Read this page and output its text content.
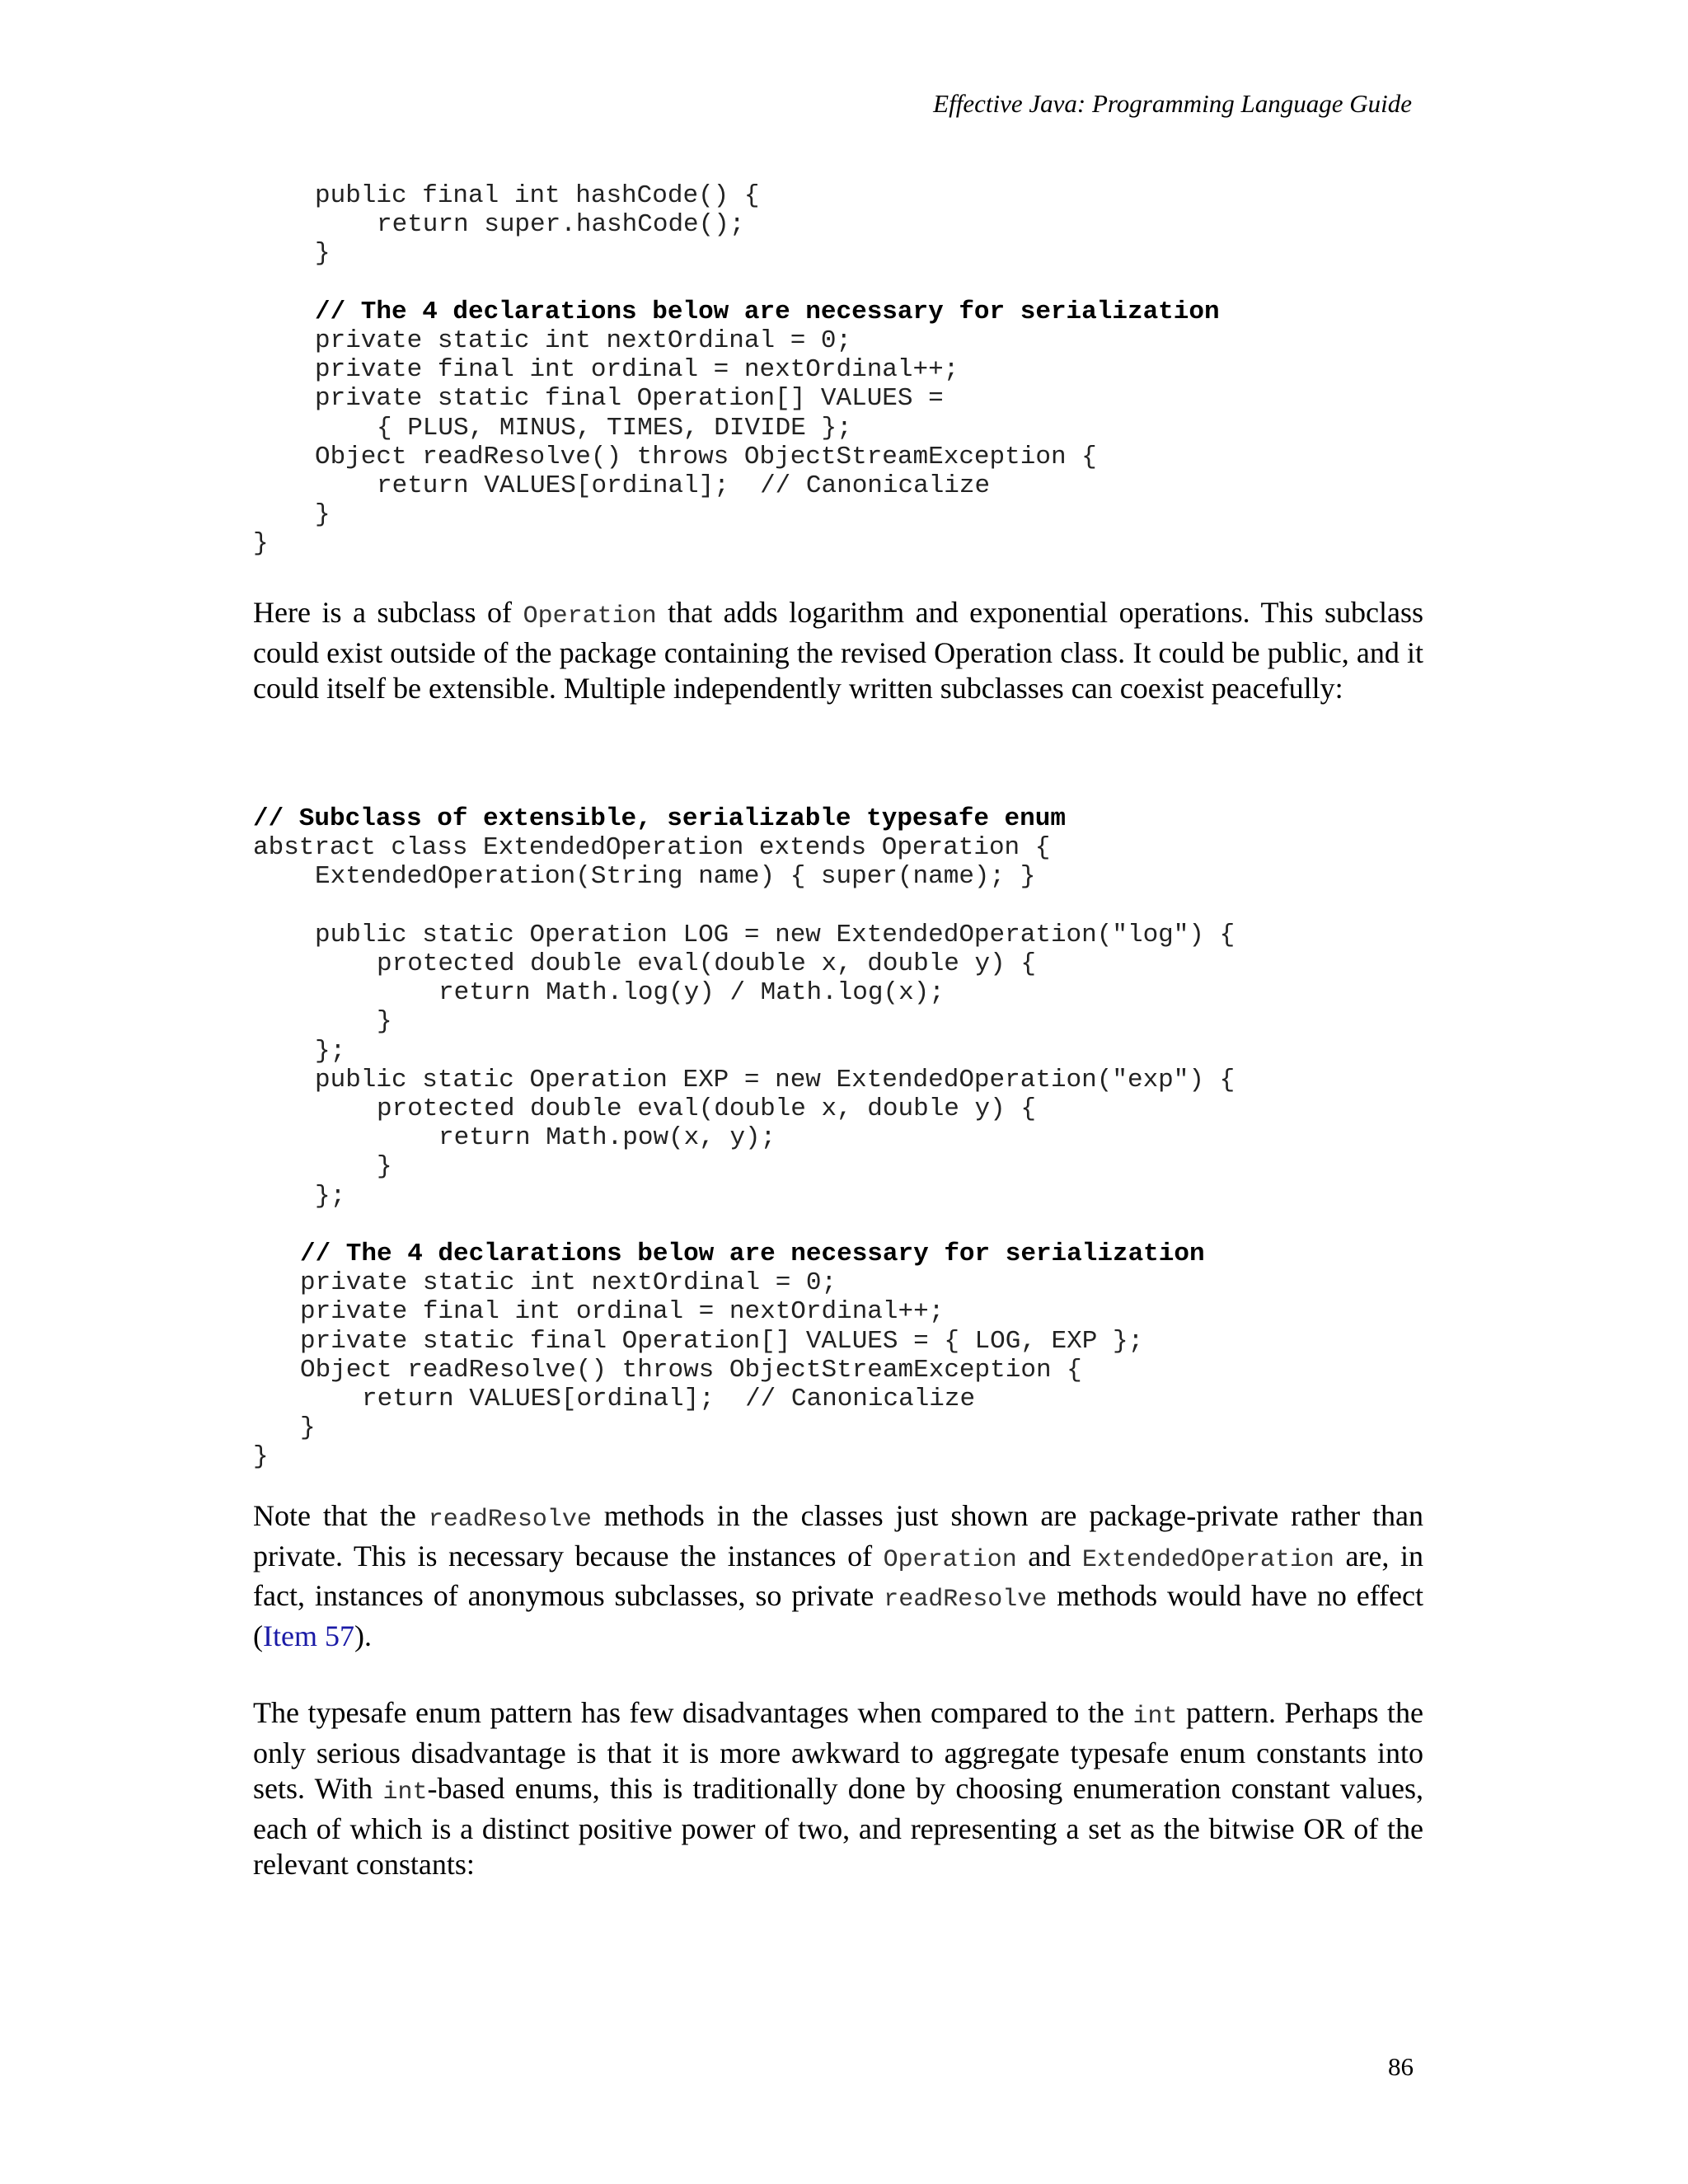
Effective Java: Programming Language Guide
public final int hashCode() {
return super.hashCode();
}
// The 4 declarations below are necessary for serialization
private static int nextOrdinal = 0;
private final int ordinal = nextOrdinal++;
private static final Operation[] VALUES =
{ PLUS, MINUS, TIMES, DIVIDE };
Object readResolve() throws ObjectStreamException {
return VALUES[ordinal];  // Canonicalize
}
}

Here is a subclass of Operation that adds logarithm and exponential operations. This subclass could exist outside of the package containing the revised Operation class. It could be public, and it could itself be extensible. Multiple independently written subclasses can coexist peacefully:

// Subclass of extensible, serializable typesafe enum
abstract class ExtendedOperation extends Operation {
ExtendedOperation(String name) { super(name); }
public static Operation LOG = new ExtendedOperation("log") {
protected double eval(double x, double y) {
return Math.log(y) / Math.log(x);
}
};
public static Operation EXP = new ExtendedOperation("exp") {
protected double eval(double x, double y) {
return Math.pow(x, y);
}
};
// The 4 declarations below are necessary for serialization
private static int nextOrdinal = 0;
private final int ordinal = nextOrdinal++;
private static final Operation[] VALUES = { LOG, EXP };
Object readResolve() throws ObjectStreamException {
return VALUES[ordinal];  // Canonicalize
}
}

Note that the readResolve methods in the classes just shown are package-private rather than private. This is necessary because the instances of Operation and ExtendedOperation are, in fact, instances of anonymous subclasses, so private readResolve methods would have no effect (Item 57).

The typesafe enum pattern has few disadvantages when compared to the int pattern. Perhaps the only serious disadvantage is that it is more awkward to aggregate typesafe enum constants into sets. With int-based enums, this is traditionally done by choosing enumeration constant values, each of which is a distinct positive power of two, and representing a set as the bitwise OR of the relevant constants:

86
